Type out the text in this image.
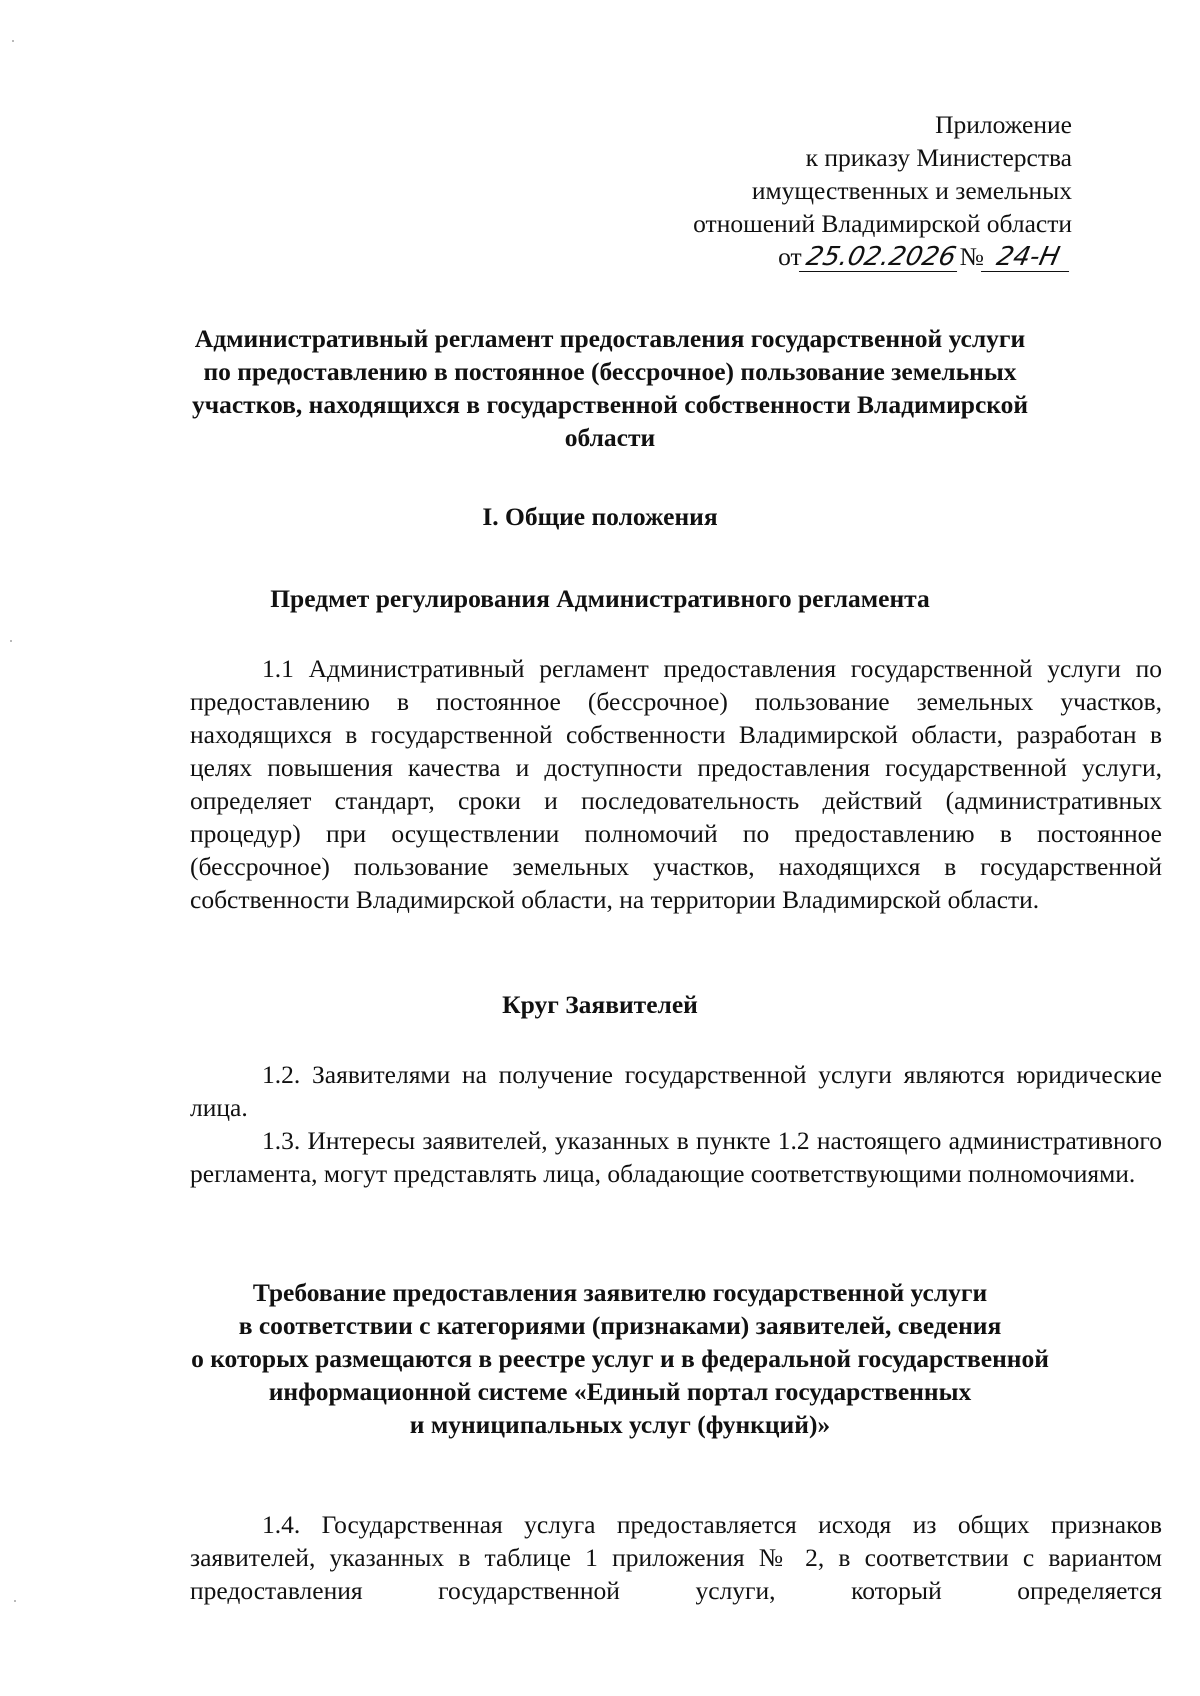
Приложение
к приказу Министерства
имущественных и земельных
отношений Владимирской области
от25.02.2026№ 24-Н
Административный регламент предоставления государственной услуги по предоставлению в постоянное (бессрочное) пользование земельных участков, находящихся в государственной собственности Владимирской области
I. Общие положения
Предмет регулирования Административного регламента
1.1 Административный регламент предоставления государственной услуги по предоставлению в постоянное (бессрочное) пользование земельных участков, находящихся в государственной собственности Владимирской области, разработан в целях повышения качества и доступности предоставления государственной услуги, определяет стандарт, сроки и последовательность действий (административных процедур) при осуществлении полномочий по предоставлению в постоянное (бессрочное) пользование земельных участков, находящихся в государственной собственности Владимирской области, на территории Владимирской области.
Круг Заявителей
1.2. Заявителями на получение государственной услуги являются юридические лица.
1.3. Интересы заявителей, указанных в пункте 1.2 настоящего административного регламента, могут представлять лица, обладающие соответствующими полномочиями.
Требование предоставления заявителю государственной услуги
в соответствии с категориями (признаками) заявителей, сведения
о которых размещаются в реестре услуг и в федеральной государственной
информационной системе «Единый портал государственных
и муниципальных услуг (функций)»
1.4. Государственная услуга предоставляется исходя из общих признаков заявителей, указанных в таблице 1 приложения № 2, в соответствии с вариантом предоставления государственной услуги, который определяется
